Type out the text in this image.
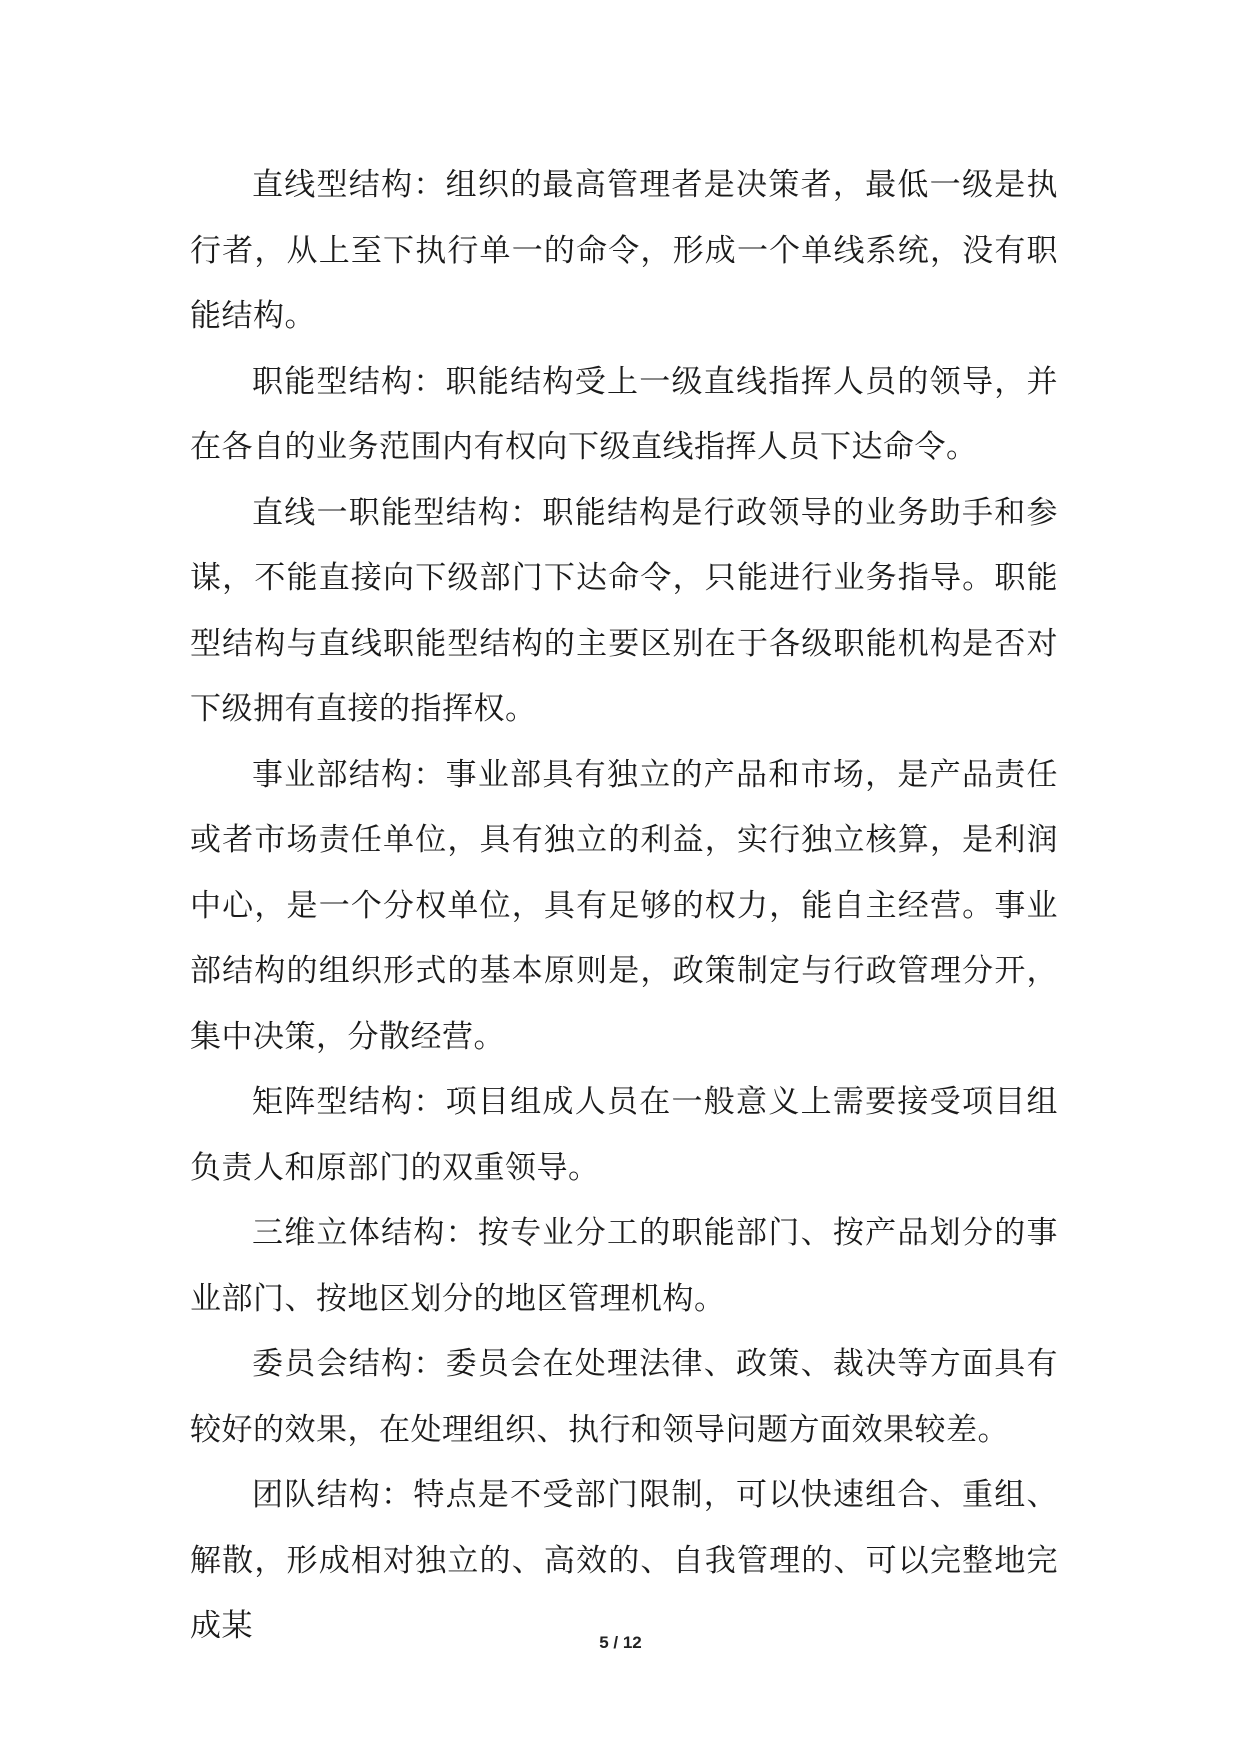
直线型结构：组织的最高管理者是决策者，最低一级是执行者，从上至下执行单一的命令，形成一个单线系统，没有职能结构。

职能型结构：职能结构受上一级直线指挥人员的领导，并在各自的业务范围内有权向下级直线指挥人员下达命令。

直线一职能型结构：职能结构是行政领导的业务助手和参谋，不能直接向下级部门下达命令，只能进行业务指导。职能型结构与直线职能型结构的主要区别在于各级职能机构是否对下级拥有直接的指挥权。

事业部结构：事业部具有独立的产品和市场，是产品责任或者市场责任单位，具有独立的利益，实行独立核算，是利润中心，是一个分权单位，具有足够的权力，能自主经营。事业部结构的组织形式的基本原则是，政策制定与行政管理分开，集中决策，分散经营。

矩阵型结构：项目组成人员在一般意义上需要接受项目组负责人和原部门的双重领导。

三维立体结构：按专业分工的职能部门、按产品划分的事业部门、按地区划分的地区管理机构。

委员会结构：委员会在处理法律、政策、裁决等方面具有较好的效果，在处理组织、执行和领导问题方面效果较差。

团队结构：特点是不受部门限制，可以快速组合、重组、解散，形成相对独立的、高效的、自我管理的、可以完整地完成某	5 / 12
